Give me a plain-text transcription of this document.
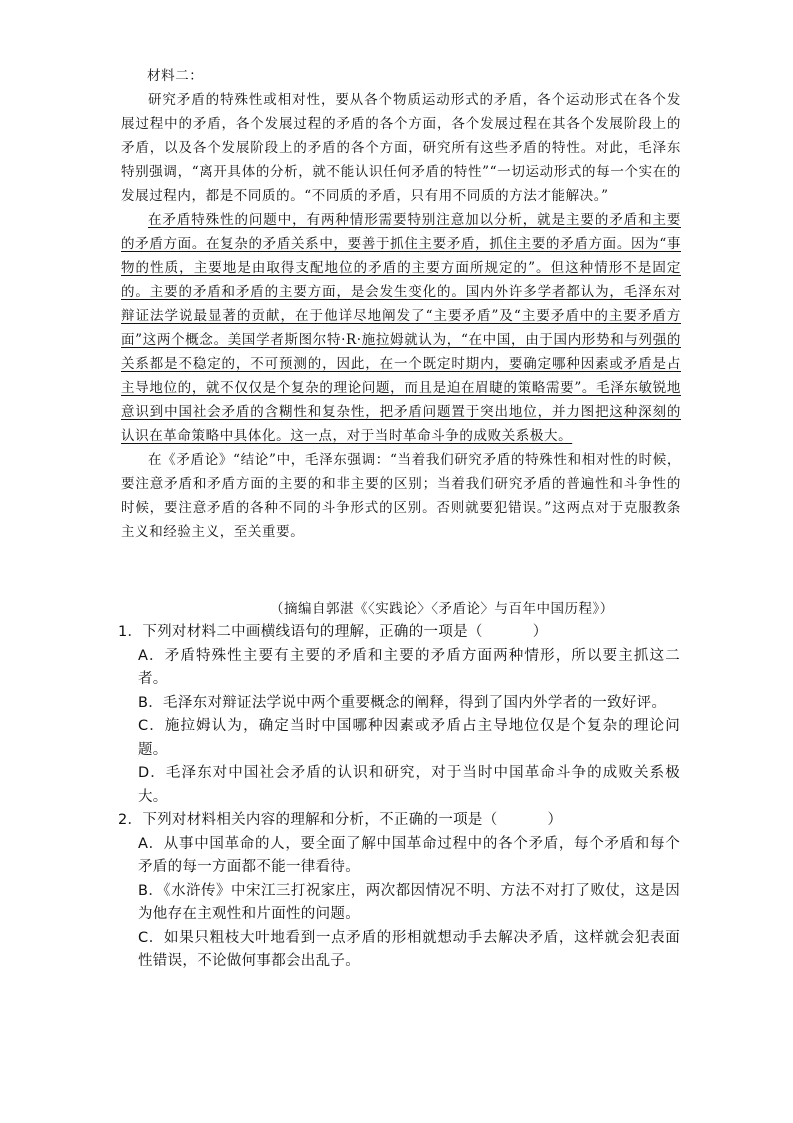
材料二：

研究矛盾的特殊性或相对性，要从各个物质运动形式的矛盾，各个运动形式在各个发展过程中的矛盾，各个发展过程的矛盾的各个方面，各个发展过程在其各个发展阶段上的矛盾，以及各个发展阶段上的矛盾的各个方面，研究所有这些矛盾的特性。对此，毛泽东特别强调，“离开具体的分析，就不能认识任何矛盾的特性”“一切运动形式的每一个实在的发展过程内，都是不同质的。“不同质的矛盾，只有用不同质的方法才能解决。”

在矛盾特殊性的问题中，有两种情形需要特别注意加以分析，就是主要的矛盾和主要的矛盾方面。在复杂的矛盾关系中，要善于抓住主要矛盾，抓住主要的矛盾方面。因为“事物的性质，主要地是由取得支配地位的矛盾的主要方面所规定的”。但这种情形不是固定的。主要的矛盾和矛盾的主要方面，是会发生变化的。国内外许多学者都认为，毛泽东对辩证法学说最显著的贡献，在于他详尽地阐发了“主要矛盾”及“主要矛盾中的主要矛盾方面”这两个概念。美国学者斯图尔特·R·施拉姆就认为，“在中国，由于国内形势和与列强的关系都是不稳定的，不可预测的，因此，在一个既定时期内，要确定哪种因素或矛盾是占主导地位的，就不仅仅是个复杂的理论问题，而且是迫在眉睫的策略需要”。毛泽东敏锐地意识到中国社会矛盾的含糊性和复杂性，把矛盾问题置于突出地位，并力图把这种深刻的认识在革命策略中具体化。这一点，对于当时革命斗争的成败关系极大。

在《矛盾论》“结论”中，毛泽东强调：“当着我们研究矛盾的特殊性和相对性的时候，要注意矛盾和矛盾方面的主要的和非主要的区别；当着我们研究矛盾的普遍性和斗争性的时候，要注意矛盾的各种不同的斗争形式的区别。否则就要犯错误。”这两点对于克服教条主义和经验主义，至关重要。

（摘编自郭湛《〈实践论〉〈矛盾论〉与百年中国历程》）

1．下列对材料二中画横线语句的理解，正确的一项是（	）

A．矛盾特殊性主要有主要的矛盾和主要的矛盾方面两种情形，所以要主抓这二者。

B．毛泽东对辩证法学说中两个重要概念的阐释，得到了国内外学者的一致好评。

C．施拉姆认为，确定当时中国哪种因素或矛盾占主导地位仅是个复杂的理论问题。

D．毛泽东对中国社会矛盾的认识和研究，对于当时中国革命斗争的成败关系极大。

2．下列对材料相关内容的理解和分析，不正确的一项是（	）

A．从事中国革命的人，要全面了解中国革命过程中的各个矛盾，每个矛盾和每个矛盾的每一方面都不能一律看待。

B．《水浒传》中宋江三打祝家庄，两次都因情况不明、方法不对打了败仗，这是因为他存在主观性和片面性的问题。

C．如果只粗枝大叶地看到一点矛盾的形相就想动手去解决矛盾，这样就会犯表面性错误，不论做何事都会出乱子。
